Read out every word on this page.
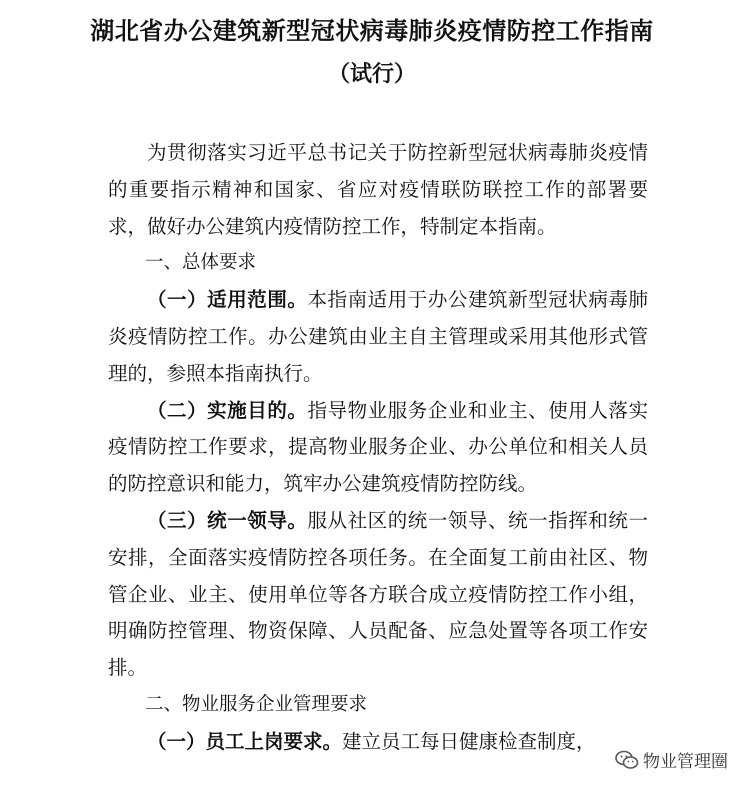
湖北省办公建筑新型冠状病毒肺炎疫情防控工作指南
（试行）

为贯彻落实习近平总书记关于防控新型冠状病毒肺炎疫情的重要指示精神和国家、省应对疫情联防联控工作的部署要求，做好办公建筑内疫情防控工作，特制定本指南。

一、总体要求

（一）适用范围。本指南适用于办公建筑新型冠状病毒肺炎疫情防控工作。办公建筑由业主自主管理或采用其他形式管理的，参照本指南执行。

（二）实施目的。指导物业服务企业和业主、使用人落实疫情防控工作要求，提高物业服务企业、办公单位和相关人员的防控意识和能力，筑牢办公建筑疫情防控防线。

（三）统一领导。服从社区的统一领导、统一指挥和统一安排，全面落实疫情防控各项任务。在全面复工前由社区、物管企业、业主、使用单位等各方联合成立疫情防控工作小组，明确防控管理、物资保障、人员配备、应急处置等各项工作安排。

二、物业服务企业管理要求

（一）员工上岗要求。建立员工每日健康检查制度，

物业管理圈
